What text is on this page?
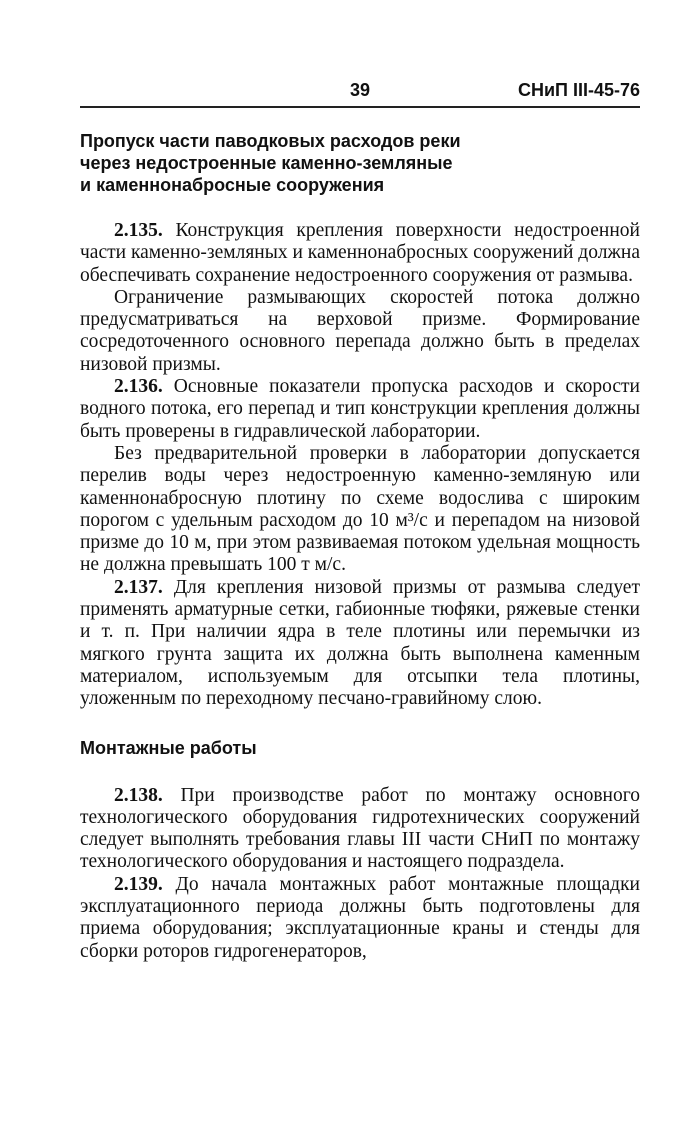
39	СНиП III-45-76
Пропуск части паводковых расходов реки
через недостроенные каменно-земляные
и каменнонабросные сооружения

2.135. Конструкция крепления поверхности недостроенной части каменно-земляных и каменнонабросных сооружений должна обеспечивать сохранение недостроенного сооружения от размыва.

Ограничение размывающих скоростей потока должно предусматриваться на верховой призме. Формирование сосредоточенного основного перепада должно быть в пределах низовой призмы.

2.136. Основные показатели пропуска расходов и скорости водного потока, его перепад и тип конструкции крепления должны быть проверены в гидравлической лаборатории.

Без предварительной проверки в лаборатории допускается перелив воды через недостроенную каменно-земляную или каменнонабросную плотину по схеме водослива с широким порогом с удельным расходом до 10 м³/с и перепадом на низовой призме до 10 м, при этом развиваемая потоком удельная мощность не должна превышать 100 т м/с.

2.137. Для крепления низовой призмы от размыва следует применять арматурные сетки, габионные тюфяки, ряжевые стенки и т. п. При наличии ядра в теле плотины или перемычки из мягкого грунта защита их должна быть выполнена каменным материалом, используемым для отсыпки тела плотины, уложенным по переходному песчано-гравийному слою.

Монтажные работы

2.138. При производстве работ по монтажу основного технологического оборудования гидротехнических сооружений следует выполнять требования главы III части СНиП по монтажу технологического оборудования и настоящего подраздела.

2.139. До начала монтажных работ монтажные площадки эксплуатационного периода должны быть подготовлены для приема оборудования; эксплуатационные краны и стенды для сборки роторов гидрогенераторов,
